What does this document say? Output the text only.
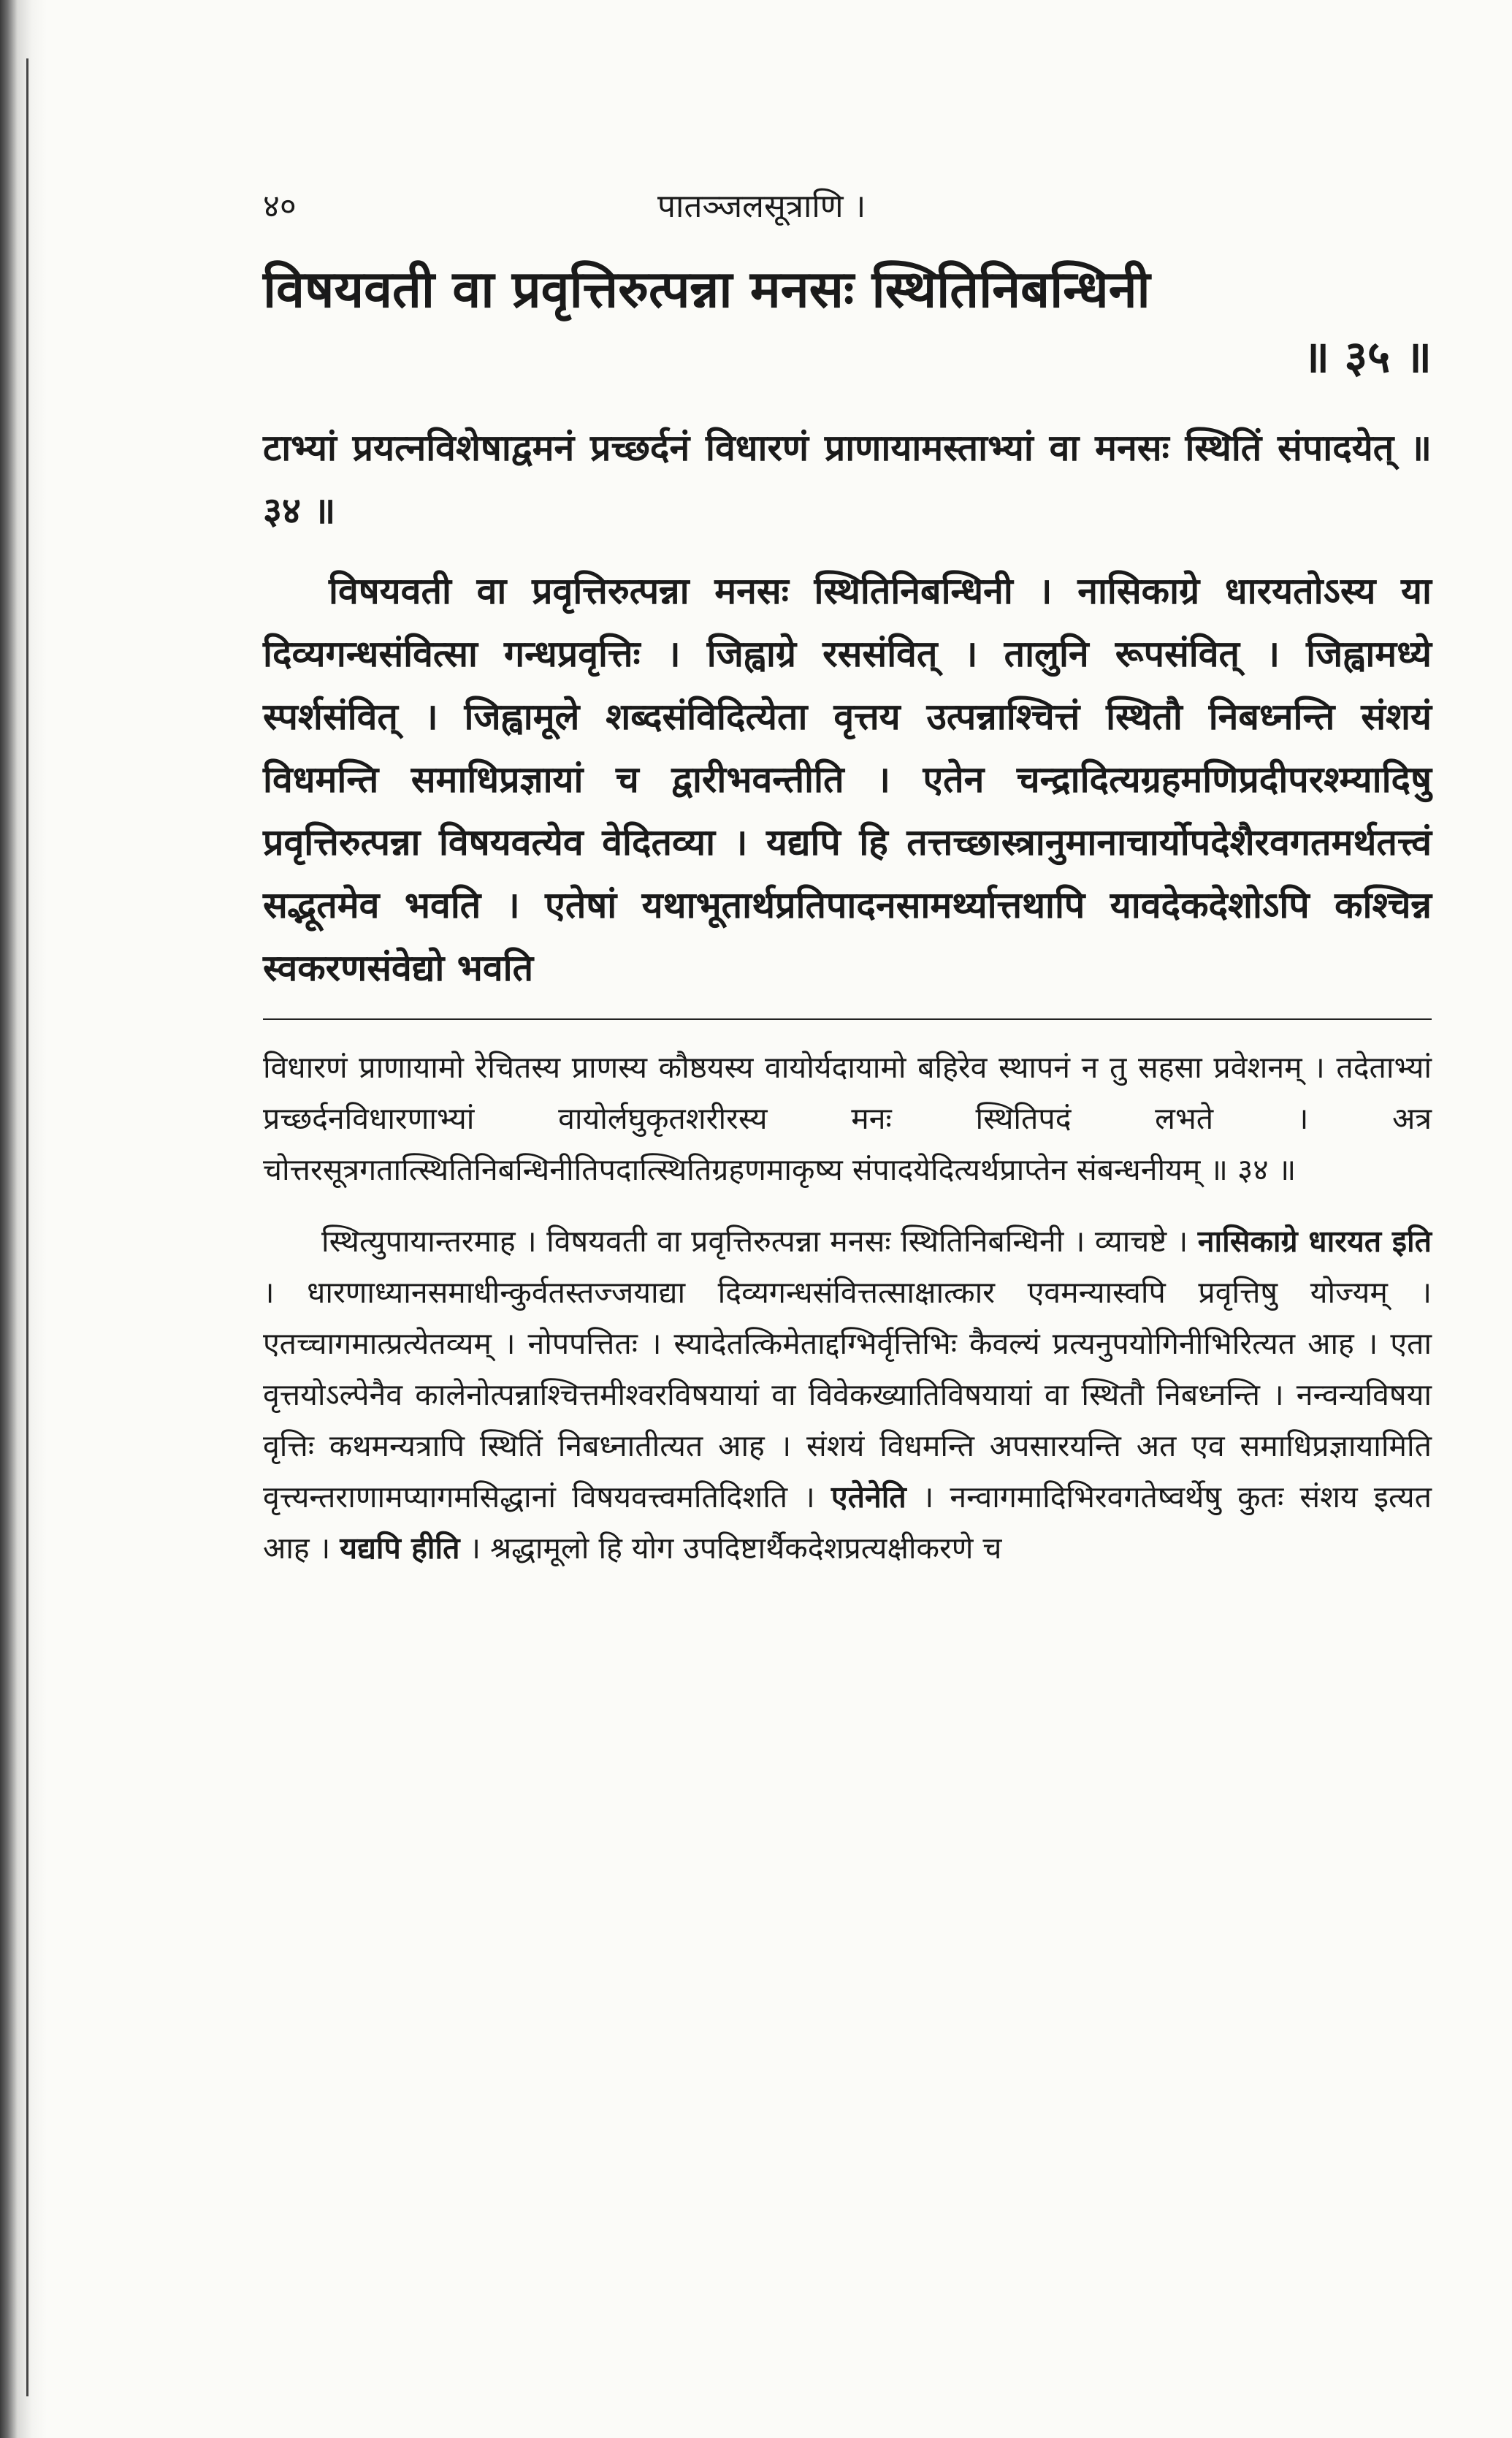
४०	पातञ्जलसूत्राणि ।
विषयवती वा प्रवृत्तिरुत्पन्ना मनसः स्थितिनिबन्धिनी
॥ ३५ ॥
टाभ्यां प्रयत्नविशेषाद्वमनं प्रच्छर्दनं विधारणं प्राणायामस्ताभ्यां वा मनसः स्थितिं संपादयेत् ॥ ३४ ॥
विषयवती वा प्रवृत्तिरुत्पन्ना मनसः स्थितिनिबन्धिनी । नासिकाग्रे धारयतोऽस्य या दिव्यगन्धसंवित्सा गन्धप्रवृत्तिः । जिह्वाग्रे रससंवित् । तालुनि रूपसंवित् । जिह्वामध्ये स्पर्शसंवित् । जिह्वामूले शब्दसंविदित्येता वृत्तय उत्पन्नाश्चित्तं स्थितौ निबध्नन्ति संशयं विधमन्ति समाधिप्रज्ञायां च द्वारीभवन्तीति । एतेन चन्द्रादित्यग्रहमणिप्रदीपरश्म्यादिषु प्रवृत्तिरुत्पन्ना विषयवत्येव वेदितव्या । यद्यपि हि तत्तच्छास्त्रानुमानाचार्योपदेशैरवगतमर्थतत्त्वं सद्भूतमेव भवति । एतेषां यथाभूतार्थप्रतिपादनसामर्थ्यात्तथापि यावदेकदेशोऽपि कश्चिन्न स्वकरणसंवेद्यो भवति
विधारणं प्राणायामो रेचितस्य प्राणस्य कौष्ठयस्य वायोर्यदायामो बहिरेव स्थापनं न तु सहसा प्रवेशनम् । तदेताभ्यां प्रच्छर्दनविधारणाभ्यां वायोर्लघुकृतशरीरस्य मनः स्थितिपदं लभते । अत्र चोत्तरसूत्रगतात्स्थितिनिबन्धिनीतिपदात्स्थितिग्रहणमाकृष्य संपादयेदित्यर्थप्राप्तेन संबन्धनीयम् ॥ ३४ ॥
स्थित्युपायान्तरमाह । विषयवती वा प्रवृत्तिरुत्पन्ना मनसः स्थितिनिबन्धिनी । व्याचष्टे । नासिकाग्रे धारयत इति । धारणाध्यानसमाधीन्कुर्वतस्तज्जयाद्या दिव्यगन्धसंवित्तत्साक्षात्कार एवमन्यास्वपि प्रवृत्तिषु योज्यम् । एतच्चागमात्प्रत्येतव्यम् । नोपपत्तितः । स्यादेतत्किमेताद्दग्भिर्वृत्तिभिः कैवल्यं प्रत्यनुपयोगिनीभिरित्यत आह । एता वृत्तयोऽल्पेनैव कालेनोत्पन्नाश्चित्तमीश्वरविषयायां वा विवेकख्यातिविषयायां वा स्थितौ निबध्नन्ति । नन्वन्यविषया वृत्तिः कथमन्यत्रापि स्थितिं निबध्नातीत्यत आह । संशयं विधमन्ति अपसारयन्ति अत एव समाधिप्रज्ञायामिति वृत्त्यन्तराणामप्यागमसिद्धानां विषयवत्त्वमतिदिशति । एतेनेति । नन्वागमादिभिरवगतेष्वर्थेषु कुतः संशय इत्यत आह । यद्यपि हीति । श्रद्धामूलो हि योग उपदिष्टार्थैकदेशप्रत्यक्षीकरणे च
